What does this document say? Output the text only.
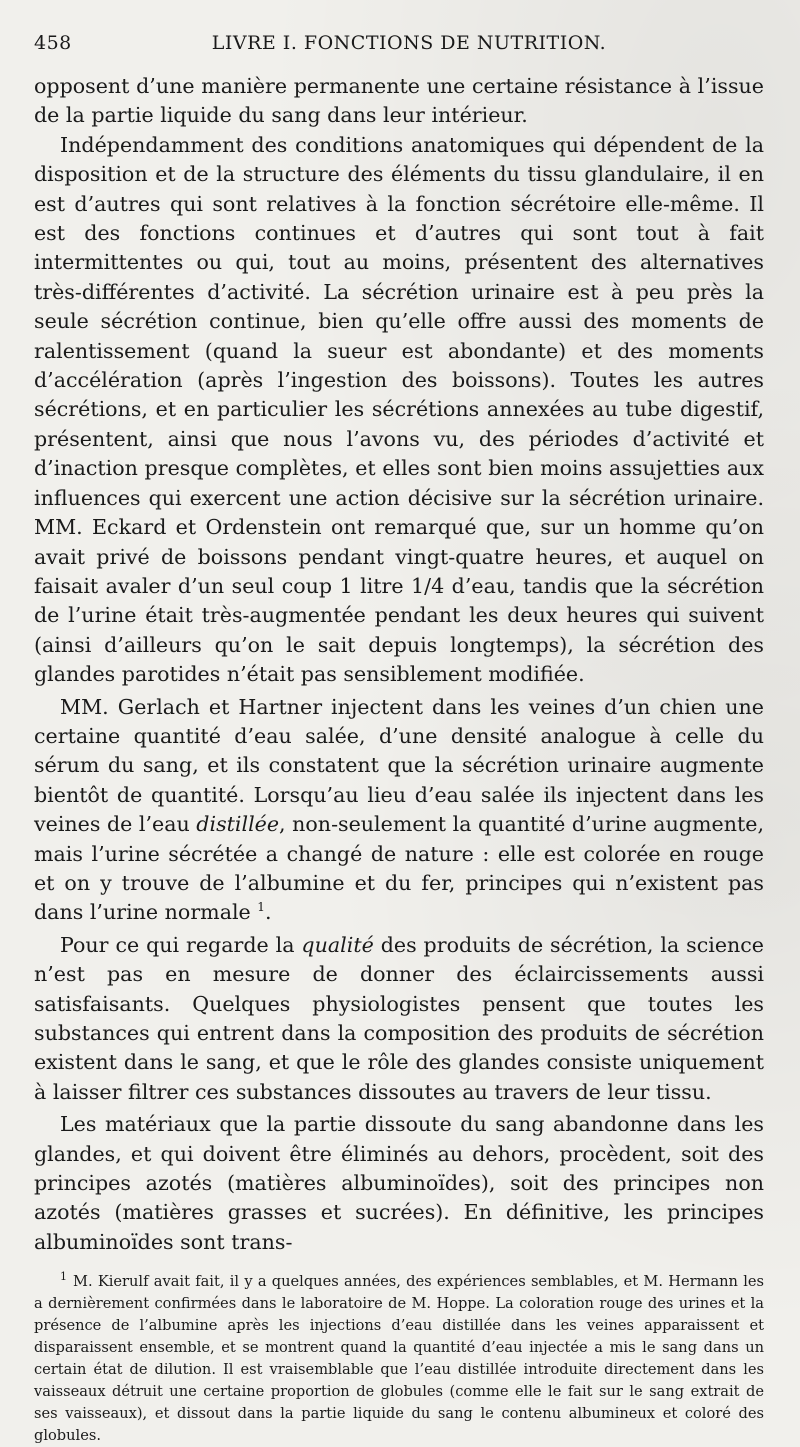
458	LIVRE I. FONCTIONS DE NUTRITION.

opposent d’une manière permanente une certaine résistance à l’issue de la partie liquide du sang dans leur intérieur.

Indépendamment des conditions anatomiques qui dépendent de la disposition et de la structure des éléments du tissu glandulaire, il en est d’autres qui sont relatives à la fonction sécrétoire elle-même. Il est des fonctions continues et d’autres qui sont tout à fait intermittentes ou qui, tout au moins, présentent des alternatives très-différentes d’activité. La sécrétion urinaire est à peu près la seule sécrétion continue, bien qu’elle offre aussi des moments de ralentissement (quand la sueur est abondante) et des moments d’accélération (après l’ingestion des boissons). Toutes les autres sécrétions, et en particulier les sécrétions annexées au tube digestif, présentent, ainsi que nous l’avons vu, des périodes d’activité et d’inaction presque complètes, et elles sont bien moins assujetties aux influences qui exercent une action décisive sur la sécrétion urinaire. MM. Eckard et Ordenstein ont remarqué que, sur un homme qu’on avait privé de boissons pendant vingt-quatre heures, et auquel on faisait avaler d’un seul coup 1 litre 1/4 d’eau, tandis que la sécrétion de l’urine était très-augmentée pendant les deux heures qui suivent (ainsi d’ailleurs qu’on le sait depuis longtemps), la sécrétion des glandes parotides n’était pas sensiblement modifiée.

MM. Gerlach et Hartner injectent dans les veines d’un chien une certaine quantité d’eau salée, d’une densité analogue à celle du sérum du sang, et ils constatent que la sécrétion urinaire augmente bientôt de quantité. Lorsqu’au lieu d’eau salée ils injectent dans les veines de l’eau distillée, non-seulement la quantité d’urine augmente, mais l’urine sécrétée a changé de nature : elle est colorée en rouge et on y trouve de l’albumine et du fer, principes qui n’existent pas dans l’urine normale $^1$.

Pour ce qui regarde la qualité des produits de sécrétion, la science n’est pas en mesure de donner des éclaircissements aussi satisfaisants. Quelques physiologistes pensent que toutes les substances qui entrent dans la composition des produits de sécrétion existent dans le sang, et que le rôle des glandes consiste uniquement à laisser filtrer ces substances dissoutes au travers de leur tissu.

Les matériaux que la partie dissoute du sang abandonne dans les glandes, et qui doivent être éliminés au dehors, procèdent, soit des principes azotés (matières albuminoïdes), soit des principes non azotés (matières grasses et sucrées). En définitive, les principes albuminoïdes sont trans-

$^1$ M. Kierulf avait fait, il y a quelques années, des expériences semblables, et M. Hermann les a dernièrement confirmées dans le laboratoire de M. Hoppe. La coloration rouge des urines et la présence de l’albumine après les injections d’eau distillée dans les veines apparaissent et disparaissent ensemble, et se montrent quand la quantité d’eau injectée a mis le sang dans un certain état de dilution. Il est vraisemblable que l’eau distillée introduite directement dans les vaisseaux détruit une certaine proportion de globules (comme elle le fait sur le sang extrait de ses vaisseaux), et dissout dans la partie liquide du sang le contenu albumineux et coloré des globules.
